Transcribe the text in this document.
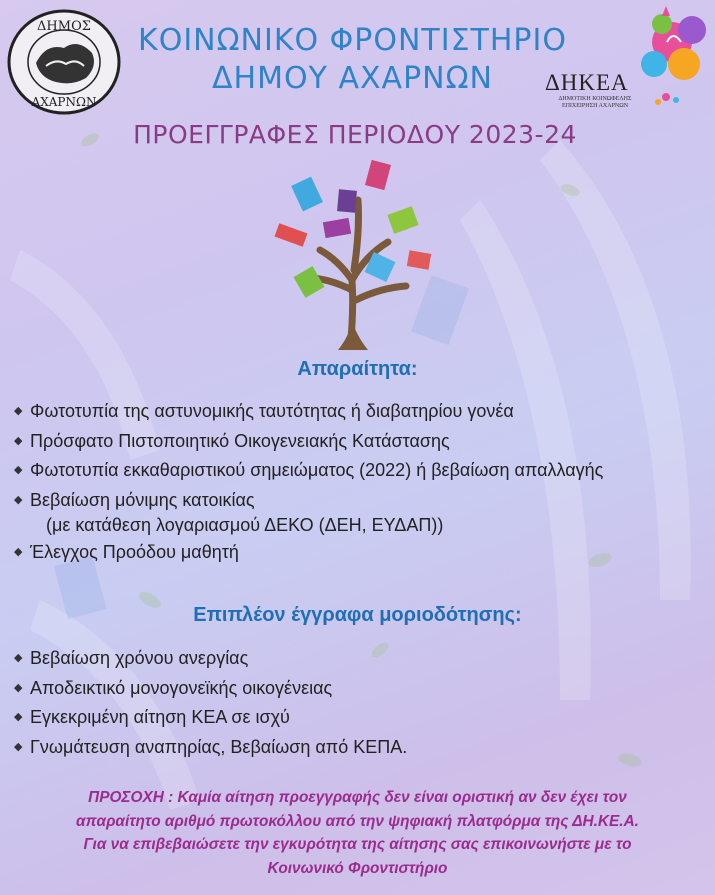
ΔΗΜΟΣ
ΑΧΑΡΝΩΝ
ΚΟΙΝΩΝΙΚΟ ΦΡΟΝΤΙΣΤΗΡΙΟ
ΔΗΜΟΥ ΑΧΑΡΝΩΝ	ΔΗΚΕΑ
ΔΗΜΟΤΙΚΗ ΚΟΙΝΩΦΕΛΗΣ
ΕΠΙΧΕΙΡΗΣΗ ΑΧΑΡΝΩΝ
ΠΡΟΕΓΓΡΑΦΕΣ ΠΕΡΙΟΔΟΥ 2023-24
Απαραίτητα:
◆ Φωτοτυπία της αστυνομικής ταυτότητας ή διαβατηρίου γονέα
◆ Πρόσφατο Πιστοποιητικό Οικογενειακής Κατάστασης
◆ Φωτοτυπία εκκαθαριστικού σημειώματος (2022) ή βεβαίωση απαλλαγής
◆ Βεβαίωση μόνιμης κατοικίας
(με κατάθεση λογαριασμού ΔΕΚΟ (ΔΕΗ, ΕΥΔΑΠ))
◆ Έλεγχος Προόδου μαθητή
Επιπλέον έγγραφα μοριοδότησης:
◆ Βεβαίωση χρόνου ανεργίας
◆ Αποδεικτικό μονογονεϊκής οικογένειας
◆ Εγκεκριμένη αίτηση ΚΕΑ σε ισχύ
◆ Γνωμάτευση αναπηρίας, Βεβαίωση από ΚΕΠΑ.
ΠΡΟΣΟΧΗ : Καμία αίτηση προεγγραφής δεν είναι οριστική αν δεν έχει τον
απαραίτητο αριθμό πρωτοκόλλου από την ψηφιακή πλατφόρμα της ΔΗ.ΚΕ.Α.
Για να επιβεβαιώσετε την εγκυρότητα της αίτησης σας επικοινωνήστε με το
Κοινωνικό Φροντιστήριο
